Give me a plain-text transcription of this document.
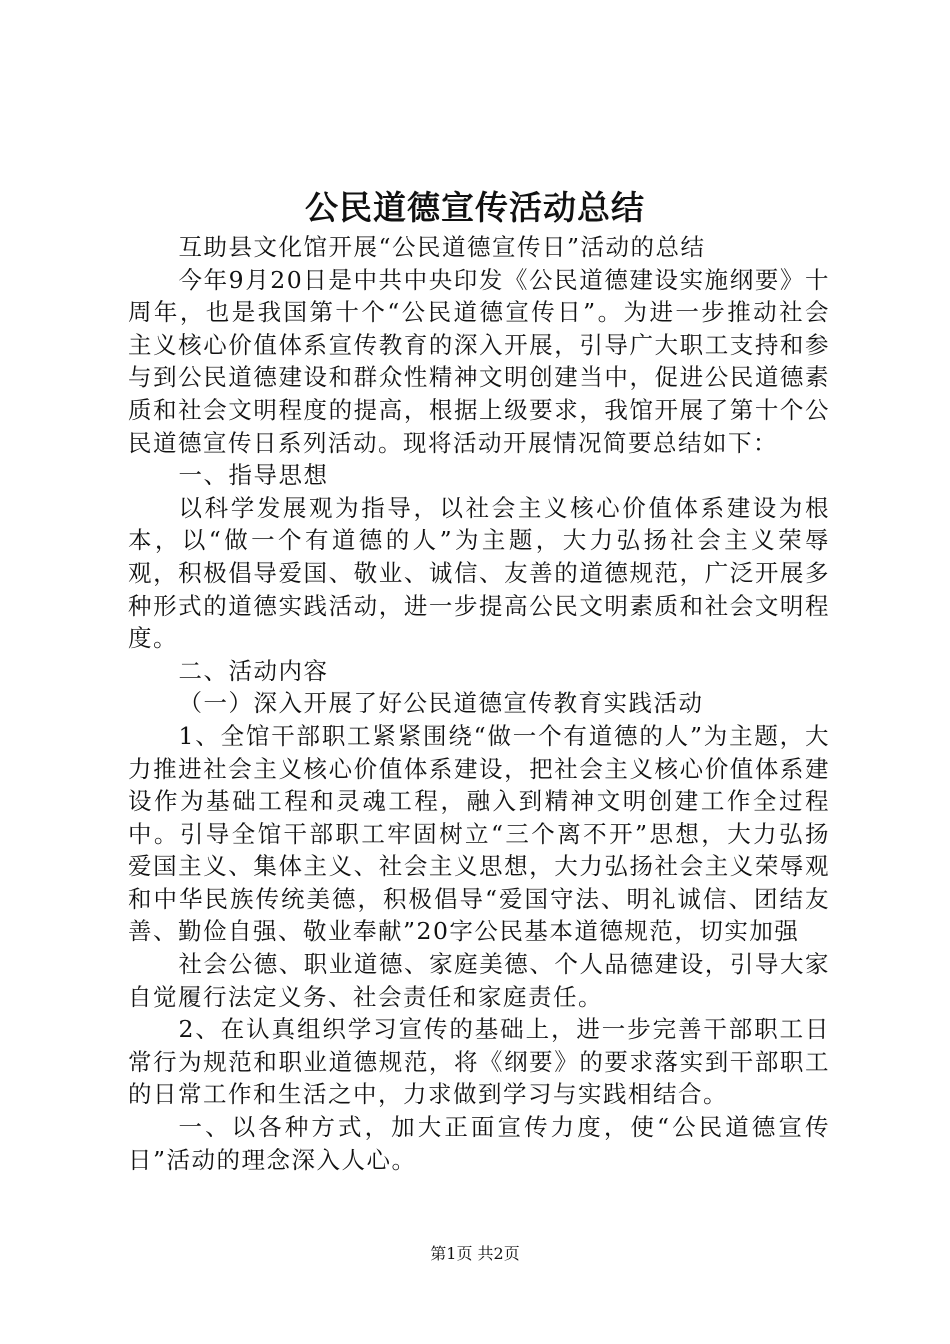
公民道德宣传活动总结

互助县文化馆开展“公民道德宣传日”活动的总结

今年9月20日是中共中央印发《公民道德建设实施纲要》十周年，也是我国第十个“公民道德宣传日”。为进一步推动社会主义核心价值体系宣传教育的深入开展，引导广大职工支持和参与到公民道德建设和群众性精神文明创建当中，促进公民道德素质和社会文明程度的提高，根据上级要求，我馆开展了第十个公民道德宣传日系列活动。现将活动开展情况简要总结如下：

一、指导思想

以科学发展观为指导，以社会主义核心价值体系建设为根本，以“做一个有道德的人”为主题，大力弘扬社会主义荣辱观，积极倡导爱国、敬业、诚信、友善的道德规范，广泛开展多种形式的道德实践活动，进一步提高公民文明素质和社会文明程度。

二、活动内容

（一）深入开展了好公民道德宣传教育实践活动

1、全馆干部职工紧紧围绕“做一个有道德的人”为主题，大力推进社会主义核心价值体系建设，把社会主义核心价值体系建设作为基础工程和灵魂工程，融入到精神文明创建工作全过程中。引导全馆干部职工牢固树立“三个离不开”思想，大力弘扬爱国主义、集体主义、社会主义思想，大力弘扬社会主义荣辱观和中华民族传统美德，积极倡导“爱国守法、明礼诚信、团结友善、勤俭自强、敬业奉献”20字公民基本道德规范，切实加强

社会公德、职业道德、家庭美德、个人品德建设，引导大家自觉履行法定义务、社会责任和家庭责任。

2、在认真组织学习宣传的基础上，进一步完善干部职工日常行为规范和职业道德规范，将《纲要》的要求落实到干部职工的日常工作和生活之中，力求做到学习与实践相结合。

一、以各种方式，加大正面宣传力度，使“公民道德宣传日”活动的理念深入人心。

第1页 共2页
